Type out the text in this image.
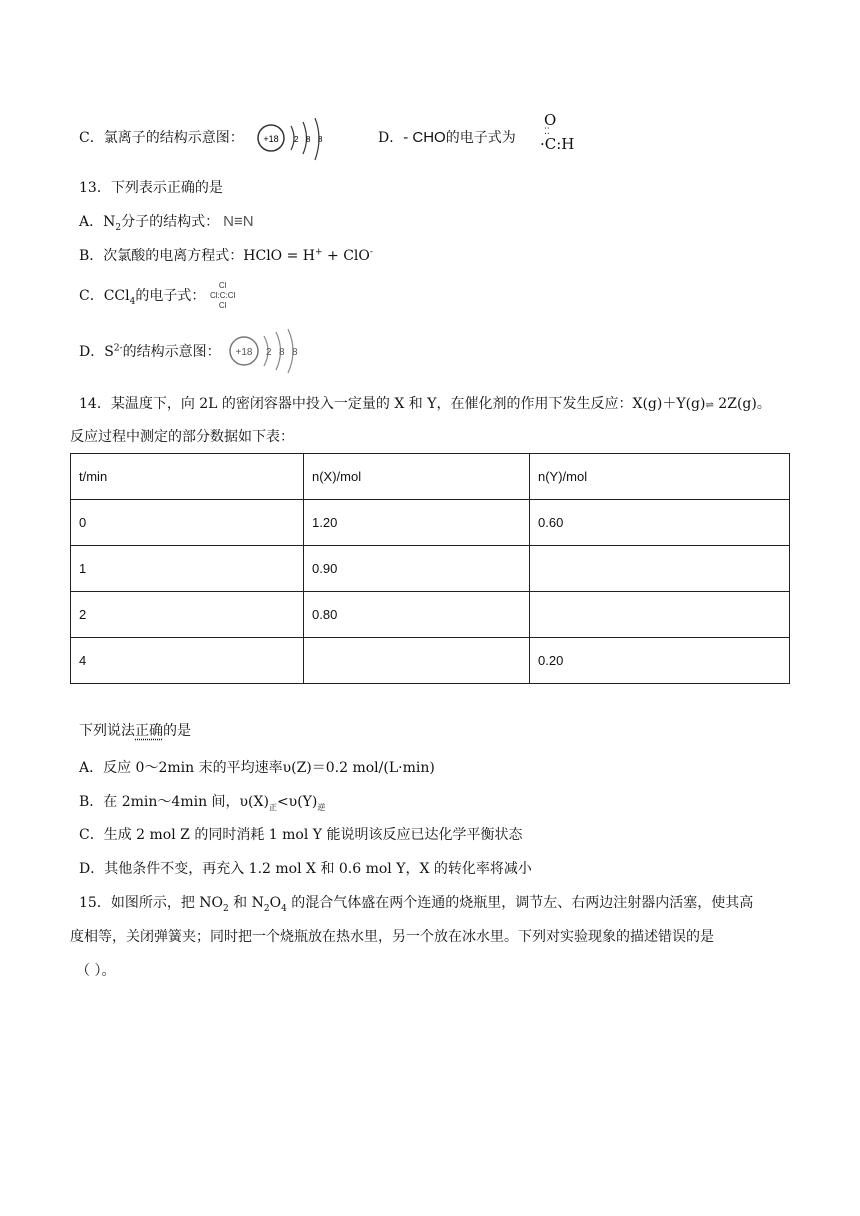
C．氯离子的结构示意图： +18 2 8 8	D．- CHO的电子式为
O
⁚⁚
·C:H
13．下列表示正确的是
A．$N_2$分子的结构式： N≡N
B．次氯酸的电离方程式：HClO = H+ + ClO-
C．CCl$_4$的电子式：
Cl
Cl:C:Cl
Cl
D．$S^{2-}$的结构示意图： +18 2 8 8
14．某温度下，向 2L 的密闭容器中投入一定量的 X 和 Y，在催化剂的作用下发生反应：X(g)＋Y(g)⇌ 2Z(g)。
反应过程中测定的部分数据如下表：
t/min	n(X)/mol	n(Y)/mol
0	1.20	0.60
1	0.90	
2	0.80	
4		0.20
下列说法正确的是
A．反应 0～2min 末的平均速率υ(Z)＝0.2 mol/(L·min)
B．在 2min～4min 间，$\upsilon(X)_正<\upsilon(Y)_逆$
C．生成 2 mol Z 的同时消耗 1 mol Y 能说明该反应已达化学平衡状态
D．其他条件不变，再充入 1.2 mol X 和 0.6 mol Y，X 的转化率将减小
15．如图所示，把 $NO_2$ 和 $N_2O_4$ 的混合气体盛在两个连通的烧瓶里，调节左、右两边注射器内活塞，使其高
度相等，关闭弹簧夹；同时把一个烧瓶放在热水里，另一个放在冰水里。下列对实验现象的描述错误的是
（ ）。
